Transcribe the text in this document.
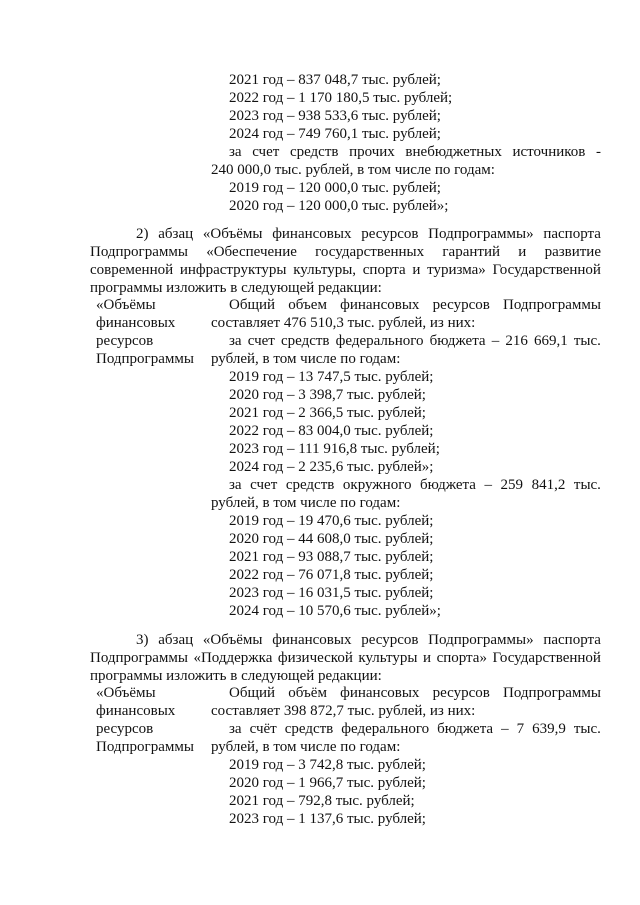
2021 год – 837 048,7 тыс. рублей;
2022 год – 1 170 180,5 тыс. рублей;
2023 год – 938 533,6 тыс. рублей;
2024 год – 749 760,1 тыс. рублей;
за счет средств прочих внебюджетных источников -
240 000,0 тыс. рублей, в том числе по годам:
2019 год – 120 000,0 тыс. рублей;
2020 год – 120 000,0 тыс. рублей»;
2) абзац «Объёмы финансовых ресурсов Подпрограммы» паспорта
Подпрограммы «Обеспечение государственных гарантий и развитие
современной инфраструктуры культуры, спорта и туризма» Государственной
программы изложить в следующей редакции:
«Объёмы
финансовых
ресурсов
Подпрограммы
Общий объем финансовых ресурсов Подпрограммы
составляет 476 510,3 тыс. рублей, из них:
за счет средств федерального бюджета – 216 669,1 тыс.
рублей, в том числе по годам:
2019 год – 13 747,5 тыс. рублей;
2020 год – 3 398,7 тыс. рублей;
2021 год – 2 366,5 тыс. рублей;
2022 год – 83 004,0 тыс. рублей;
2023 год – 111 916,8 тыс. рублей;
2024 год – 2 235,6 тыс. рублей»;
за счет средств окружного бюджета – 259 841,2 тыс.
рублей, в том числе по годам:
2019 год – 19 470,6 тыс. рублей;
2020 год – 44 608,0 тыс. рублей;
2021 год – 93 088,7 тыс. рублей;
2022 год – 76 071,8 тыс. рублей;
2023 год – 16 031,5 тыс. рублей;
2024 год – 10 570,6 тыс. рублей»;
3) абзац «Объёмы финансовых ресурсов Подпрограммы» паспорта
Подпрограммы «Поддержка физической культуры и спорта» Государственной
программы изложить в следующей редакции:
«Объёмы
финансовых
ресурсов
Подпрограммы
Общий объём финансовых ресурсов Подпрограммы
составляет 398 872,7 тыс. рублей, из них:
за счёт средств федерального бюджета – 7 639,9 тыс.
рублей, в том числе по годам:
2019 год – 3 742,8 тыс. рублей;
2020 год – 1 966,7 тыс. рублей;
2021 год – 792,8 тыс. рублей;
2023 год – 1 137,6 тыс. рублей;
